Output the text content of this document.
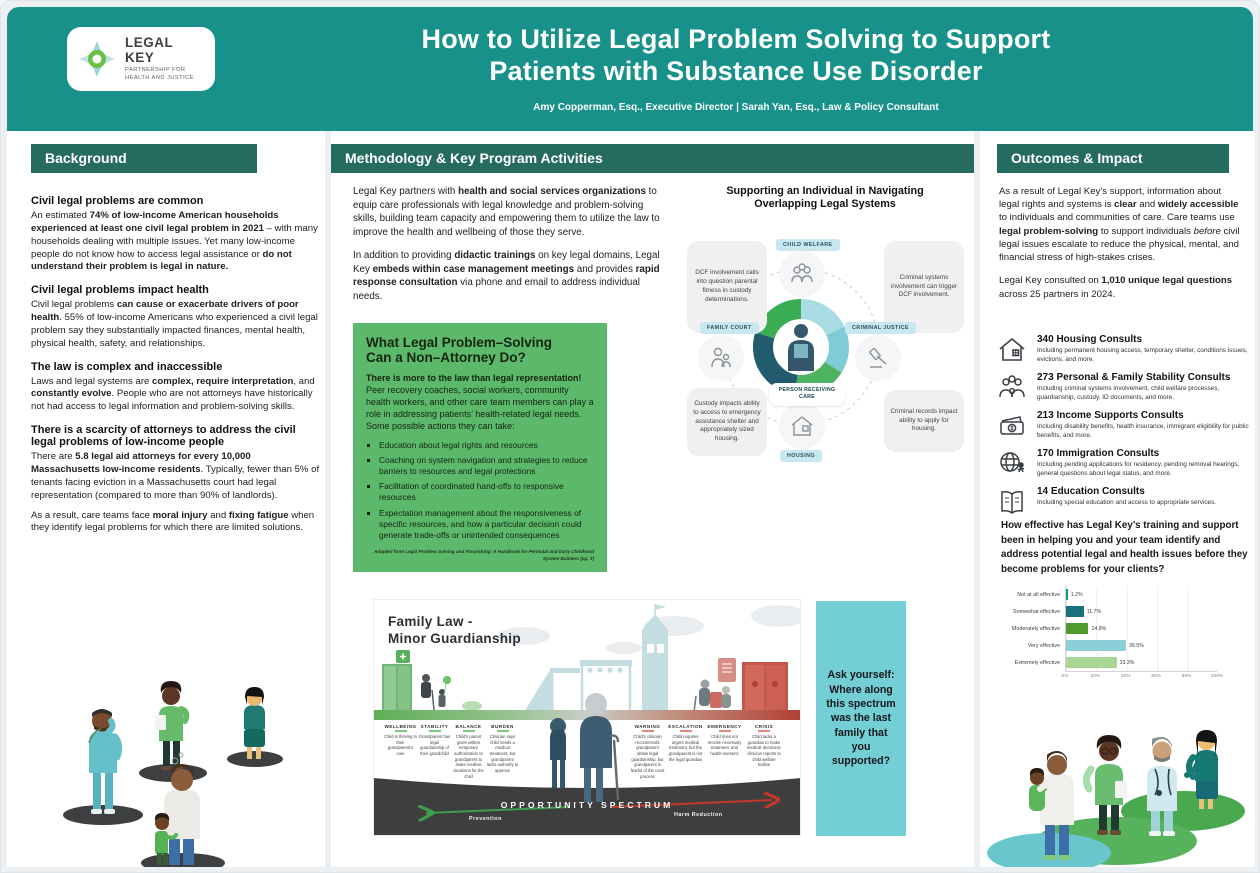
LEGAL KEY
PARTNERSHIP FOR
HEALTH AND JUSTICE
How to Utilize Legal Problem Solving to Support
Patients with Substance Use Disorder
Amy Copperman, Esq., Executive Director | Sarah Yan, Esq., Law & Policy Consultant
Background
Civil legal problems are common

An estimated 74% of low-income American households experienced at least one civil legal problem in 2021 – with many households dealing with multiple issues. Yet many low-income people do not know how to access legal assistance or do not understand their problem is legal in nature.

Civil legal problems impact health

Civil legal problems can cause or exacerbate drivers of poor health. 55% of low-income Americans who experienced a civil legal problem say they substantially impacted finances, mental health, physical health, safety, and relationships.

The law is complex and inaccessible

Laws and legal systems are complex, require interpretation, and constantly evolve. People who are not attorneys have historically not had access to legal information and problem-solving skills.

There is a scarcity of attorneys to address the civil legal problems of low-income people

There are 5.8 legal aid attorneys for every 10,000 Massachusetts low-income residents. Typically, fewer than 5% of tenants facing eviction in a Massachusetts court had legal representation (compared to more than 90% of landlords).

As a result, care teams face moral injury and fixing fatigue when they identify legal problems for which there are limited solutions.

Methodology & Key Program Activities

Legal Key partners with health and social services organizations to equip care professionals with legal knowledge and problem-solving skills, building team capacity and empowering them to utilize the law to improve the health and wellbeing of those they serve.

In addition to providing didactic trainings on key legal domains, Legal Key embeds within case management meetings and provides rapid response consultation via phone and email to address individual needs.

What Legal Problem–Solving
Can a Non–Attorney Do?
There is more to the law than legal representation! Peer recovery coaches, social workers, community health workers, and other care team members can play a role in addressing patients’ health-related legal needs. Some possible actions they can take:
▪ Education about legal rights and resources
▪ Coaching on system navigation and strategies to reduce barriers to resources and legal protections
▪ Facilitation of coordinated hand-offs to responsive resources
▪ Expectation management about the responsiveness of specific resources, and how a particular decision could generate trade-offs or unintended consequences
Adapted from Legal Problem Solving and Flourishing: A Handbook for Perinatal and Early Childhood System Builders (pg. 3)
Supporting an Individual in Navigating
Overlapping Legal Systems
DCF involvement calls into question parental fitness in custody determinations.
Criminal systems involvement can trigger DCF involvement.
Custody impacts ability to access to emergency assistance shelter and appropriately sized housing.
Criminal records impact ability to apply for housing.
CHILD WELFARE
FAMILY COURT	CRIMINAL JUSTICE
HOUSING
PERSON RECEIVING CARE
Family Law -
Minor Guardianship
WELLBEING
Child is thriving in their grandparent's care
STABILITY
Grandparent has legal guardianship of their grandchild
BALANCE
Child's parent gives written temporary authorization to grandparent to make medical decisions for the child
BURDEN
Clinician says child needs a medical treatment, but grandparent lacks authority to approve
WARNING
Child's clinician recommends grandparent obtain legal guardianship, but grandparent is fearful of the court process
ESCALATION
Child requires urgent medical treatment, but the grandparent is not the legal guardian
EMERGENCY
Child does not receive necessary treatment, and health worsens
CRISIS
Child lacks a guardian to make medical decisions; clinician reports to child welfare hotline
OPPORTUNITY SPECTRUM
Prevention
Harm Reduction
Ask yourself: Where along this spectrum was the last family that you supported?
Outcomes & Impact

As a result of Legal Key’s support, information about legal rights and systems is clear and widely accessible to individuals and communities of care. Care teams use legal problem-solving to support individuals before civil legal issues escalate to reduce the physical, mental, and financial stress of high-stakes crises.

Legal Key consulted on 1,010 unique legal questions across 25 partners in 2024.

340 Housing Consults
Including permanent housing access, temporary shelter, conditions issues, evictions, and more.
273 Personal & Family Stability Consults
Including criminal systems involvement, child welfare processes, guardianship, custody, ID documents, and more.
213 Income Supports Consults
Including disability benefits, health insurance, immigrant eligibility for public benefits, and more.
170 Immigration Consults
Including pending applications for residency, pending removal hearings, general questions about legal status, and more.
14 Education Consults
Including special education and access to appropriate services.
How effective has Legal Key’s training and support been in helping you and your team identify and address potential legal and health issues before they become problems for your clients?
Not at all effective	1.2%
Somewhat effective	11.7%
Moderately effective	14.8%
Very effective	39.5%
Extremely effective	33.3%
0%	20%	40%	60%	80%	100%
